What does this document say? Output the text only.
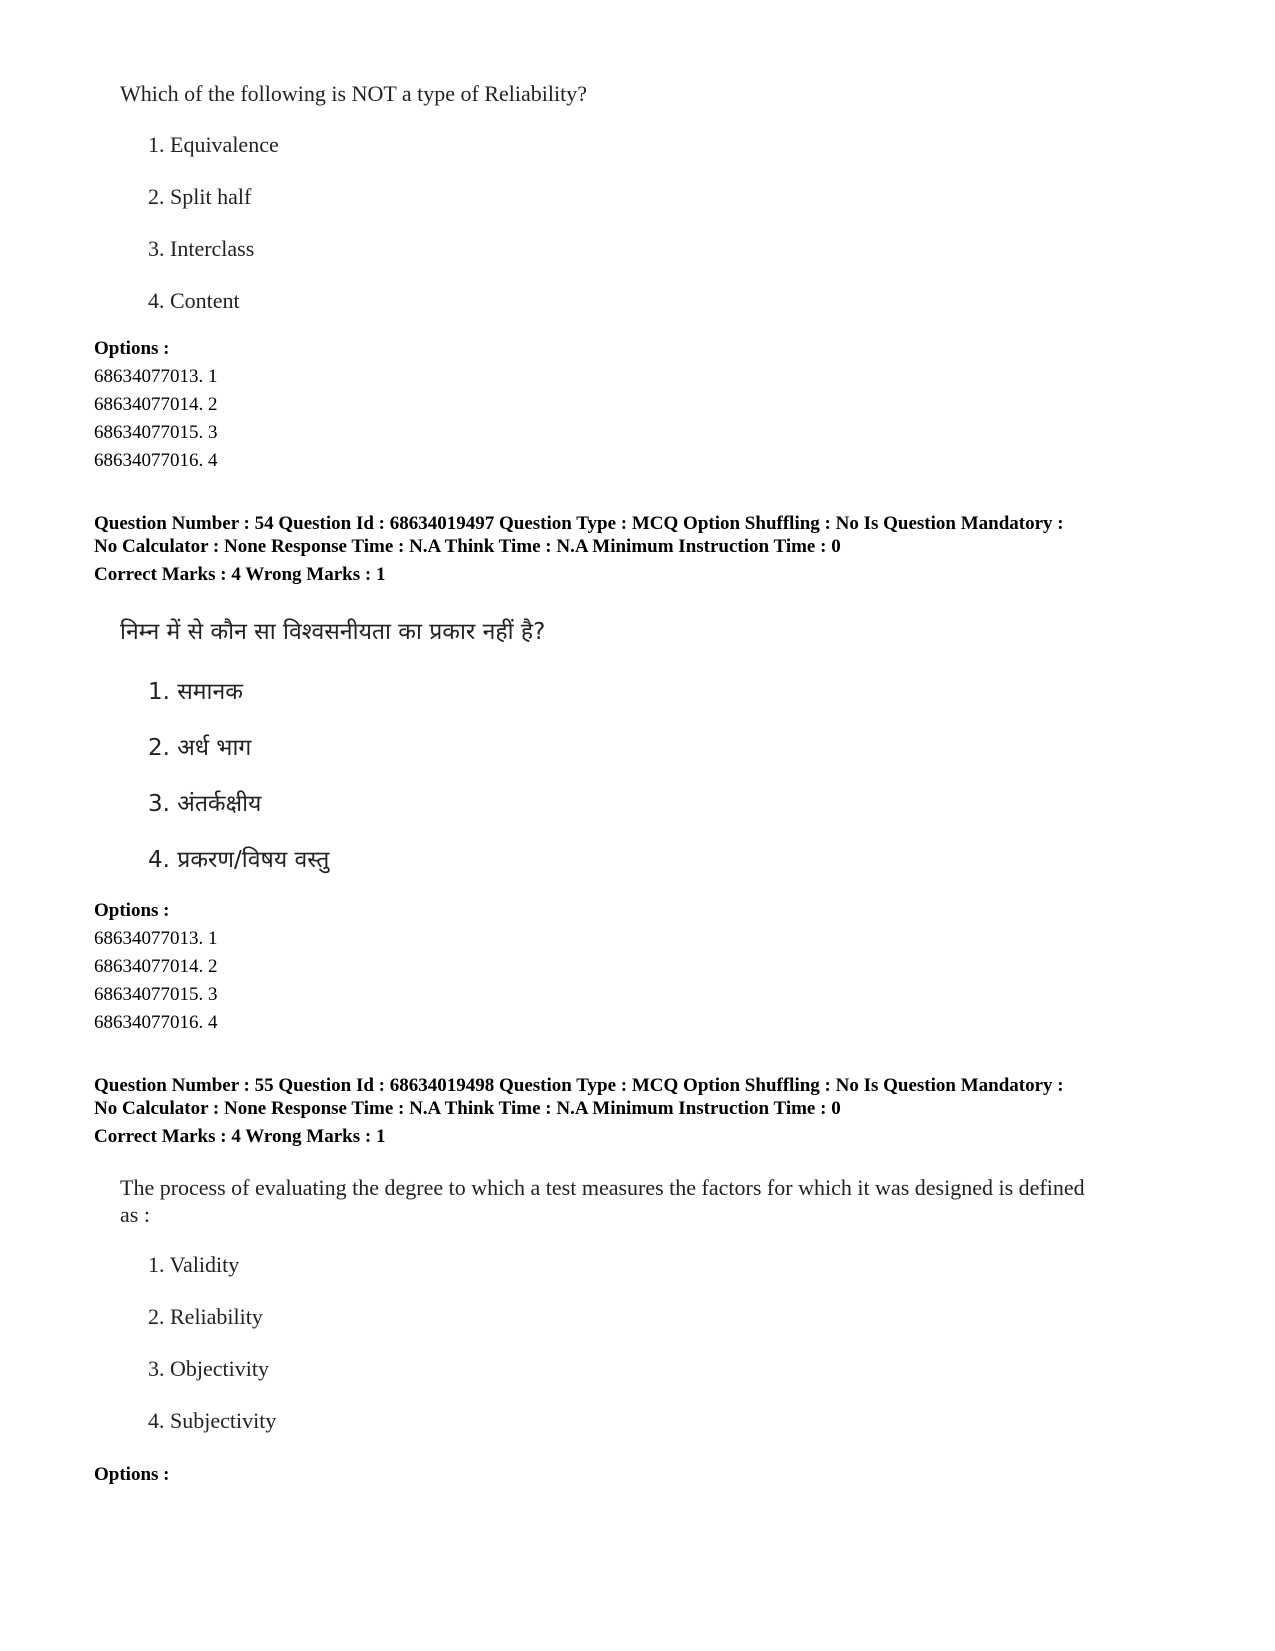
Which of the following is NOT a type of Reliability?
1. Equivalence
2. Split half
3. Interclass
4. Content
Options :
68634077013. 1
68634077014. 2
68634077015. 3
68634077016. 4
Question Number : 54 Question Id : 68634019497 Question Type : MCQ Option Shuffling : No Is Question Mandatory :
No Calculator : None Response Time : N.A Think Time : N.A Minimum Instruction Time : 0
Correct Marks : 4 Wrong Marks : 1
निम्न में से कौन सा विश्वसनीयता का प्रकार नहीं है?
1. समानक
2. अर्ध भाग
3. अंतर्कक्षीय
4. प्रकरण/विषय वस्तु
Options :
68634077013. 1
68634077014. 2
68634077015. 3
68634077016. 4
Question Number : 55 Question Id : 68634019498 Question Type : MCQ Option Shuffling : No Is Question Mandatory :
No Calculator : None Response Time : N.A Think Time : N.A Minimum Instruction Time : 0
Correct Marks : 4 Wrong Marks : 1
The process of evaluating the degree to which a test measures the factors for which it was designed is defined
as :
1. Validity
2. Reliability
3. Objectivity
4. Subjectivity
Options :
